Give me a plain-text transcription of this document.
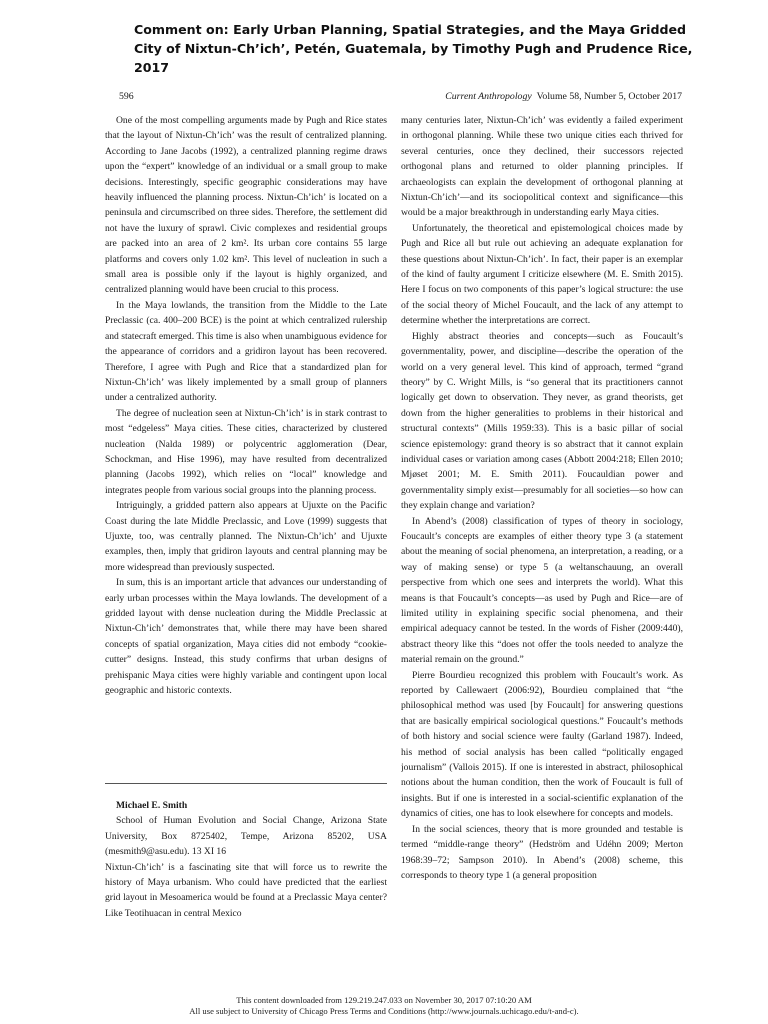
Comment on: Early Urban Planning, Spatial Strategies, and the Maya Gridded City of Nixtun-Ch’ich’, Petén, Guatemala, by Timothy Pugh and Prudence Rice, 2017
596	Current Anthropology Volume 58, Number 5, October 2017

One of the most compelling arguments made by Pugh and Rice states that the layout of Nixtun-Ch’ich’ was the result of centralized planning. According to Jane Jacobs (1992), a centralized planning regime draws upon the “expert” knowledge of an individual or a small group to make decisions. Interestingly, specific geographic considerations may have heavily influenced the planning process. Nixtun-Ch’ich’ is located on a peninsula and circumscribed on three sides. Therefore, the settlement did not have the luxury of sprawl. Civic complexes and residential groups are packed into an area of 2 km². Its urban core contains 55 large platforms and covers only 1.02 km². This level of nucleation in such a small area is possible only if the layout is highly organized, and centralized planning would have been crucial to this process.

In the Maya lowlands, the transition from the Middle to the Late Preclassic (ca. 400–200 BCE) is the point at which centralized rulership and statecraft emerged. This time is also when unambiguous evidence for the appearance of corridors and a gridiron layout has been recovered. Therefore, I agree with Pugh and Rice that a standardized plan for Nixtun-Ch’ich’ was likely implemented by a small group of planners under a centralized authority.

The degree of nucleation seen at Nixtun-Ch’ich’ is in stark contrast to most “edgeless” Maya cities. These cities, characterized by clustered nucleation (Nalda 1989) or polycentric agglomeration (Dear, Schockman, and Hise 1996), may have resulted from decentralized planning (Jacobs 1992), which relies on “local” knowledge and integrates people from various social groups into the planning process.

Intriguingly, a gridded pattern also appears at Ujuxte on the Pacific Coast during the late Middle Preclassic, and Love (1999) suggests that Ujuxte, too, was centrally planned. The Nixtun-Ch’ich’ and Ujuxte examples, then, imply that gridiron layouts and central planning may be more widespread than previously suspected.

In sum, this is an important article that advances our understanding of early urban processes within the Maya lowlands. The development of a gridded layout with dense nucleation during the Middle Preclassic at Nixtun-Ch’ich’ demonstrates that, while there may have been shared concepts of spatial organization, Maya cities did not embody “cookie-cutter” designs. Instead, this study confirms that urban designs of prehispanic Maya cities were highly variable and contingent upon local geographic and historic contexts.

Michael E. Smith

School of Human Evolution and Social Change, Arizona State University, Box 8725402, Tempe, Arizona 85202, USA (mesmith9@asu.edu). 13 XI 16

Nixtun-Ch’ich’ is a fascinating site that will force us to rewrite the history of Maya urbanism. Who could have predicted that the earliest grid layout in Mesoamerica would be found at a Preclassic Maya center? Like Teotihuacan in central Mexico

many centuries later, Nixtun-Ch’ich’ was evidently a failed experiment in orthogonal planning. While these two unique cities each thrived for several centuries, once they declined, their successors rejected orthogonal plans and returned to older planning principles. If archaeologists can explain the development of orthogonal planning at Nixtun-Ch’ich’—and its sociopolitical context and significance—this would be a major breakthrough in understanding early Maya cities.

Unfortunately, the theoretical and epistemological choices made by Pugh and Rice all but rule out achieving an adequate explanation for these questions about Nixtun-Ch’ich’. In fact, their paper is an exemplar of the kind of faulty argument I criticize elsewhere (M. E. Smith 2015). Here I focus on two components of this paper’s logical structure: the use of the social theory of Michel Foucault, and the lack of any attempt to determine whether the interpretations are correct.

Highly abstract theories and concepts—such as Foucault’s governmentality, power, and discipline—describe the operation of the world on a very general level. This kind of approach, termed “grand theory” by C. Wright Mills, is “so general that its practitioners cannot logically get down to observation. They never, as grand theorists, get down from the higher generalities to problems in their historical and structural contexts” (Mills 1959:33). This is a basic pillar of social science epistemology: grand theory is so abstract that it cannot explain individual cases or variation among cases (Abbott 2004:218; Ellen 2010; Mjøset 2001; M. E. Smith 2011). Foucauldian power and governmentality simply exist—presumably for all societies—so how can they explain change and variation?

In Abend’s (2008) classification of types of theory in sociology, Foucault’s concepts are examples of either theory type 3 (a statement about the meaning of social phenomena, an interpretation, a reading, or a way of making sense) or type 5 (a weltanschauung, an overall perspective from which one sees and interprets the world). What this means is that Foucault’s concepts—as used by Pugh and Rice—are of limited utility in explaining specific social phenomena, and their empirical adequacy cannot be tested. In the words of Fisher (2009:440), abstract theory like this “does not offer the tools needed to analyze the material remain on the ground.”

Pierre Bourdieu recognized this problem with Foucault’s work. As reported by Callewaert (2006:92), Bourdieu complained that “the philosophical method was used [by Foucault] for answering questions that are basically empirical sociological questions.” Foucault’s methods of both history and social science were faulty (Garland 1987). Indeed, his method of social analysis has been called “politically engaged journalism” (Vallois 2015). If one is interested in abstract, philosophical notions about the human condition, then the work of Foucault is full of insights. But if one is interested in a social-scientific explanation of the dynamics of cities, one has to look elsewhere for concepts and models.

In the social sciences, theory that is more grounded and testable is termed “middle-range theory” (Hedström and Udéhn 2009; Merton 1968:39–72; Sampson 2010). In Abend’s (2008) scheme, this corresponds to theory type 1 (a general proposition

This content downloaded from 129.219.247.033 on November 30, 2017 07:10:20 AM
All use subject to University of Chicago Press Terms and Conditions (http://www.journals.uchicago.edu/t-and-c).
